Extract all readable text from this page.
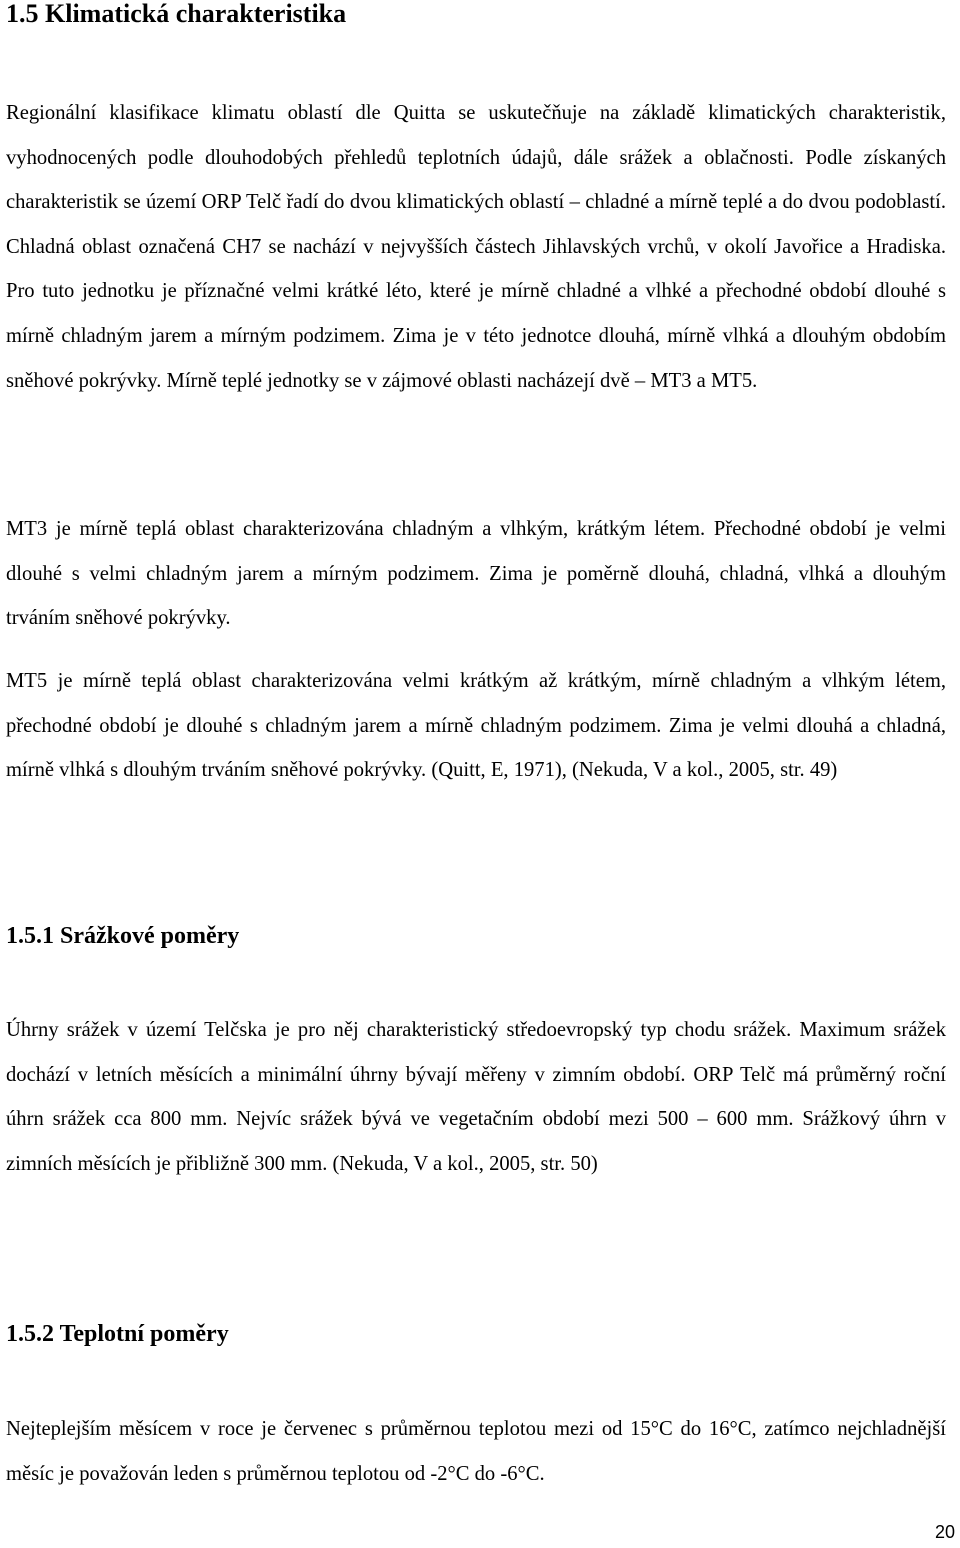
1.5 Klimatická charakteristika

Regionální klasifikace klimatu oblastí dle Quitta se uskutečňuje na základě klimatických charakteristik, vyhodnocených podle dlouhodobých přehledů teplotních údajů, dále srážek a oblačnosti. Podle získaných charakteristik se území ORP Telč řadí do dvou klimatických oblastí – chladné a mírně teplé a do dvou podoblastí. Chladná oblast označená CH7 se nachází v nejvyšších částech Jihlavských vrchů, v okolí Javořice a Hradiska. Pro tuto jednotku je příznačné velmi krátké léto, které je mírně chladné a vlhké a přechodné období dlouhé s mírně chladným jarem a mírným podzimem. Zima je v této jednotce dlouhá, mírně vlhká a dlouhým obdobím sněhové pokrývky. Mírně teplé jednotky se v zájmové oblasti nacházejí dvě – MT3 a MT5.

MT3 je mírně teplá oblast charakterizována chladným a vlhkým, krátkým létem. Přechodné období je velmi dlouhé s velmi chladným jarem a mírným podzimem. Zima je poměrně dlouhá, chladná, vlhká a dlouhým trváním sněhové pokrývky.

MT5 je mírně teplá oblast charakterizována velmi krátkým až krátkým, mírně chladným a vlhkým létem, přechodné období je dlouhé s chladným jarem a mírně chladným podzimem. Zima je velmi dlouhá a chladná, mírně vlhká s dlouhým trváním sněhové pokrývky. (Quitt, E, 1971), (Nekuda, V a kol., 2005, str. 49)

1.5.1 Srážkové poměry

Úhrny srážek v území Telčska je pro něj charakteristický středoevropský typ chodu srážek. Maximum srážek dochází v letních měsících a minimální úhrny bývají měřeny v zimním období. ORP Telč má průměrný roční úhrn srážek cca 800 mm. Nejvíc srážek bývá ve vegetačním období mezi 500 – 600 mm. Srážkový úhrn v zimních měsících je přibližně 300 mm. (Nekuda, V a kol., 2005, str. 50)

1.5.2 Teplotní poměry

Nejteplejším měsícem v roce je červenec s průměrnou teplotou mezi od 15°C do 16°C, zatímco nejchladnější měsíc je považován leden s průměrnou teplotou od -2°C do -6°C.

20
